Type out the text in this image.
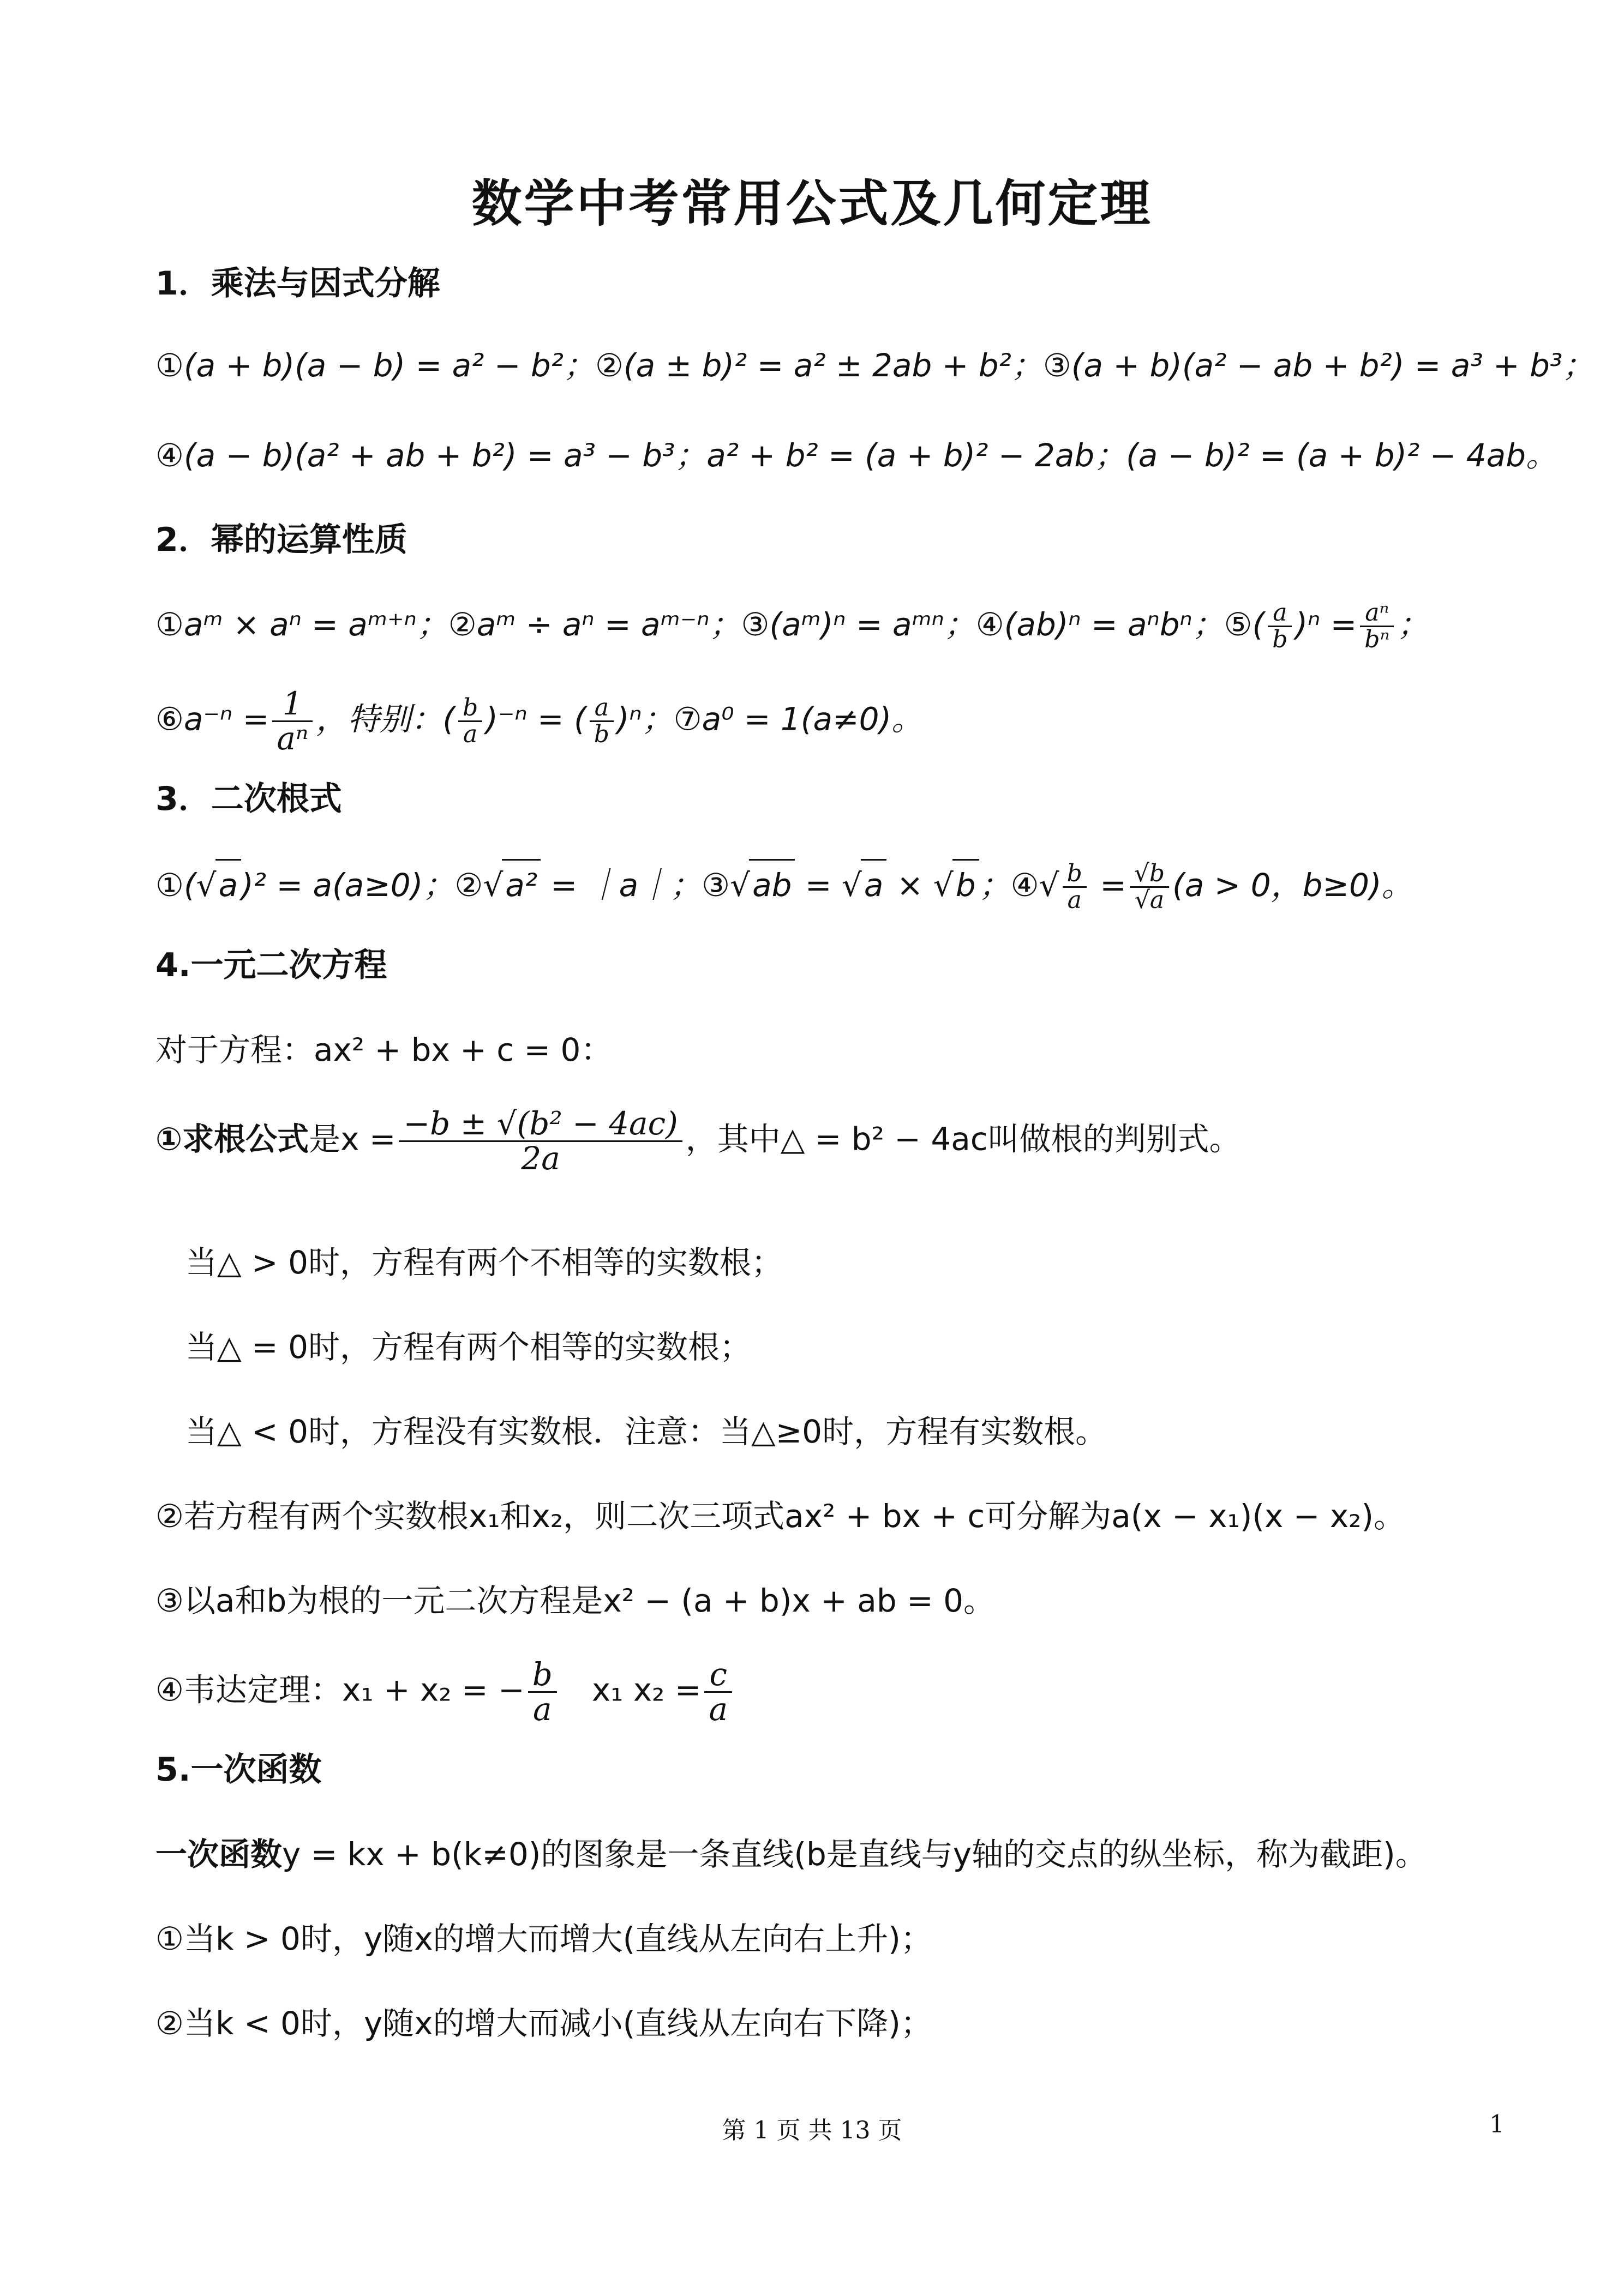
数学中考常用公式及几何定理
1．乘法与因式分解
①(a + b)(a − b) = a² − b²；②(a ± b)² = a² ± 2ab + b²；③(a + b)(a² − ab + b²) = a³ + b³；
④(a − b)(a² + ab + b²) = a³ − b³；a² + b² = (a + b)² − 2ab；(a − b)² = (a + b)² − 4ab。
2．幂的运算性质
①aᵐ × aⁿ = aᵐ⁺ⁿ；②aᵐ ÷ aⁿ = aᵐ⁻ⁿ；③(aᵐ)ⁿ = aᵐⁿ；④(ab)ⁿ = aⁿbⁿ；⑤( $\frac{a}{b} )^n = \frac{\text{aⁿ}}{\text{bⁿ}}$ ；
⑥a⁻ⁿ = $\frac{1}{\text{aⁿ}}$ ，特别：( $\frac{b}{a} )^{-n}$ = ( $\frac{a}{b} )^n$；⑦a⁰ = 1(a≠0)。
3．二次根式
①(√a )² = a(a≥0)；②√a² = ｜a｜；③√ab = √a × √b ；④√ $\frac{b}{a} = \frac{√b}{√a} (a > 0$，b≥0)。
4.一元二次方程
对于方程：ax² + bx + c = 0：
①求根公式是$x = \frac{\text{−b ± √(b² − 4ac)}}{2a}$ ，其中△ = b² − 4ac叫做根的判别式。
当△ > 0时，方程有两个不相等的实数根；
当△ = 0时，方程有两个相等的实数根；
当△ < 0时，方程没有实数根．注意：当△≥0时，方程有实数根。
②若方程有两个实数根x₁和x₂，则二次三项式ax² + bx + c可分解为a(x − x₁)(x − x₂)。
③以a和b为根的一元二次方程是x² − (a + b)x + ab = 0。
④韦达定理：x₁ + x₂ = − $\frac{b}{a}$ 　x₁ $x_2 = \frac{c}{a}$
5.一次函数
一次函数y = kx + b(k≠0)的图象是一条直线(b是直线与y轴的交点的纵坐标，称为截距)。
①当k > 0时，y随x的增大而增大(直线从左向右上升)；
②当k < 0时，y随x的增大而减小(直线从左向右下降)；
第 1 页 共 13 页	1
